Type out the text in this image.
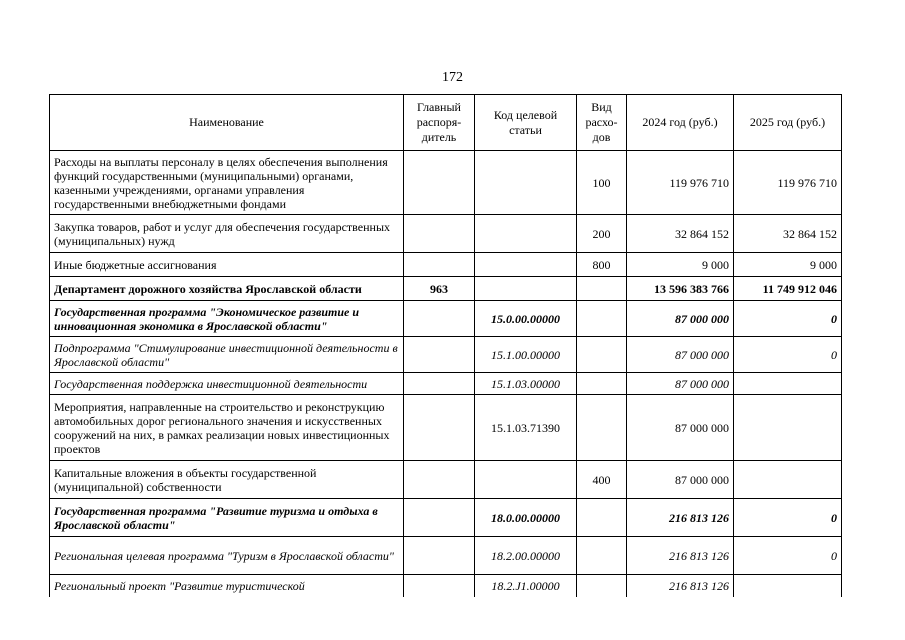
172
Наименование	Главный распоря-дитель	Код целевой статьи	Вид расхо-дов	2024 год (руб.)	2025 год (руб.)
Расходы на выплаты персоналу в целях обеспечения выполнения функций государственными (муниципальными) органами, казенными учреждениями, органами управления государственными внебюджетными фондами			100	119 976 710	119 976 710
Закупка товаров, работ и услуг для обеспечения государственных (муниципальных) нужд			200	32 864 152	32 864 152
Иные бюджетные ассигнования			800	9 000	9 000
Департамент дорожного хозяйства Ярославской области	963			13 596 383 766	11 749 912 046
Государственная программа "Экономическое развитие и инновационная экономика в Ярославской области"		15.0.00.00000		87 000 000	0
Подпрограмма "Стимулирование инвестиционной деятельности в Ярославской области"		15.1.00.00000		87 000 000	0
Государственная поддержка инвестиционной деятельности		15.1.03.00000		87 000 000	
Мероприятия, направленные на строительство и реконструкцию автомобильных дорог регионального значения и искусственных сооружений на них, в рамках реализации новых инвестиционных проектов		15.1.03.71390		87 000 000	
Капитальные вложения в объекты государственной (муниципальной) собственности			400	87 000 000	
Государственная программа "Развитие туризма и отдыха в Ярославской области"		18.0.00.00000		216 813 126	0
Региональная целевая программа "Туризм в Ярославской области"		18.2.00.00000		216 813 126	0
Региональный проект "Развитие туристической		18.2.J1.00000		216 813 126	
